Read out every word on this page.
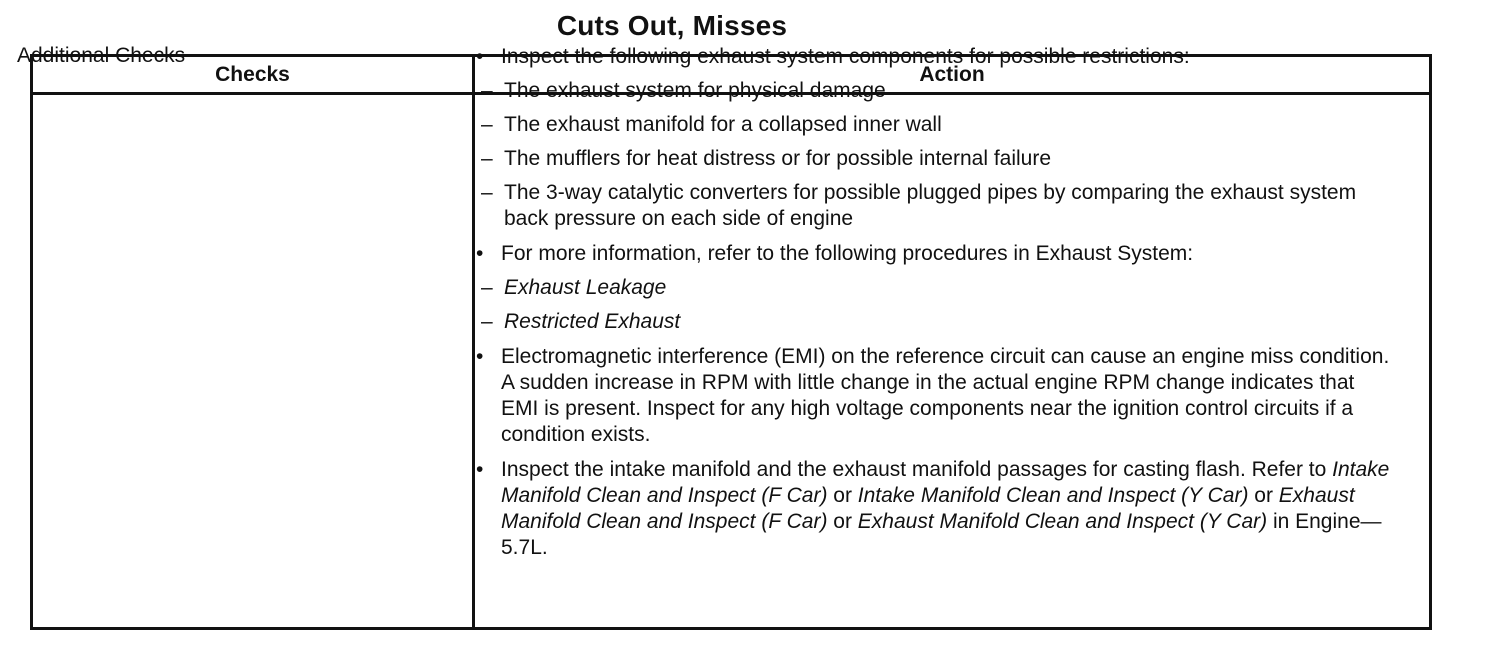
Cuts Out, Misses
Checks	Action
Additional Checks	• Inspect the following exhaust system components for possible restrictions:
– The exhaust system for physical damage
– The exhaust manifold for a collapsed inner wall
– The mufflers for heat distress or for possible internal failure
– The 3-way catalytic converters for possible plugged pipes by comparing the exhaust system back pressure on each side of engine
• For more information, refer to the following procedures in Exhaust System:
– Exhaust Leakage
– Restricted Exhaust
• Electromagnetic interference (EMI) on the reference circuit can cause an engine miss condition. A sudden increase in RPM with little change in the actual engine RPM change indicates that EMI is present. Inspect for any high voltage components near the ignition control circuits if a condition exists.
• Inspect the intake manifold and the exhaust manifold passages for casting flash. Refer to Intake Manifold Clean and Inspect (F Car) or Intake Manifold Clean and Inspect (Y Car) or Exhaust Manifold Clean and Inspect (F Car) or Exhaust Manifold Clean and Inspect (Y Car) in Engine— 5.7L.
